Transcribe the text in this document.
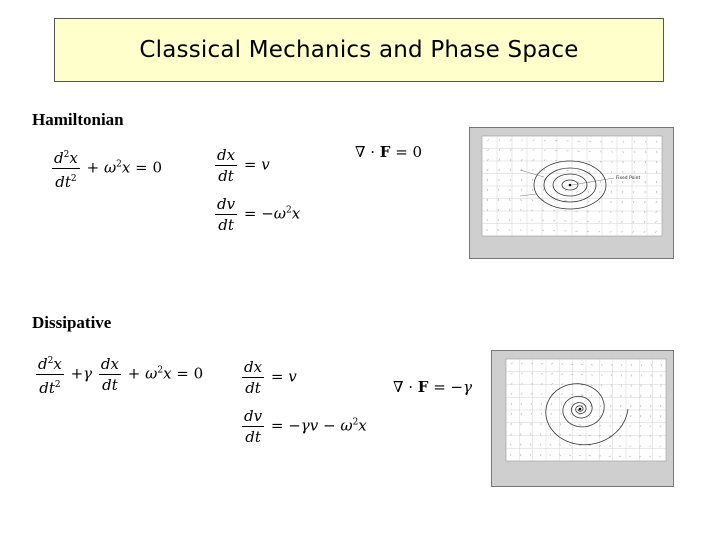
Classical Mechanics and Phase Space
Hamiltonian
$\frac{d^2x}{dt^2} + \omega^2x = 0$	$\frac{dx}{dt} = v$
$\frac{dv}{dt} = -\omega^2x$
∇ · F = 0
Fixed Point
Dissipative
$\frac{d^2x}{dt^2} +\gamma \frac{dx}{dt} + \omega^2x = 0$	$\frac{dx}{dt} = v$
$\frac{dv}{dt} = -\gamma v - \omega^2x$
∇ · F = −γ
